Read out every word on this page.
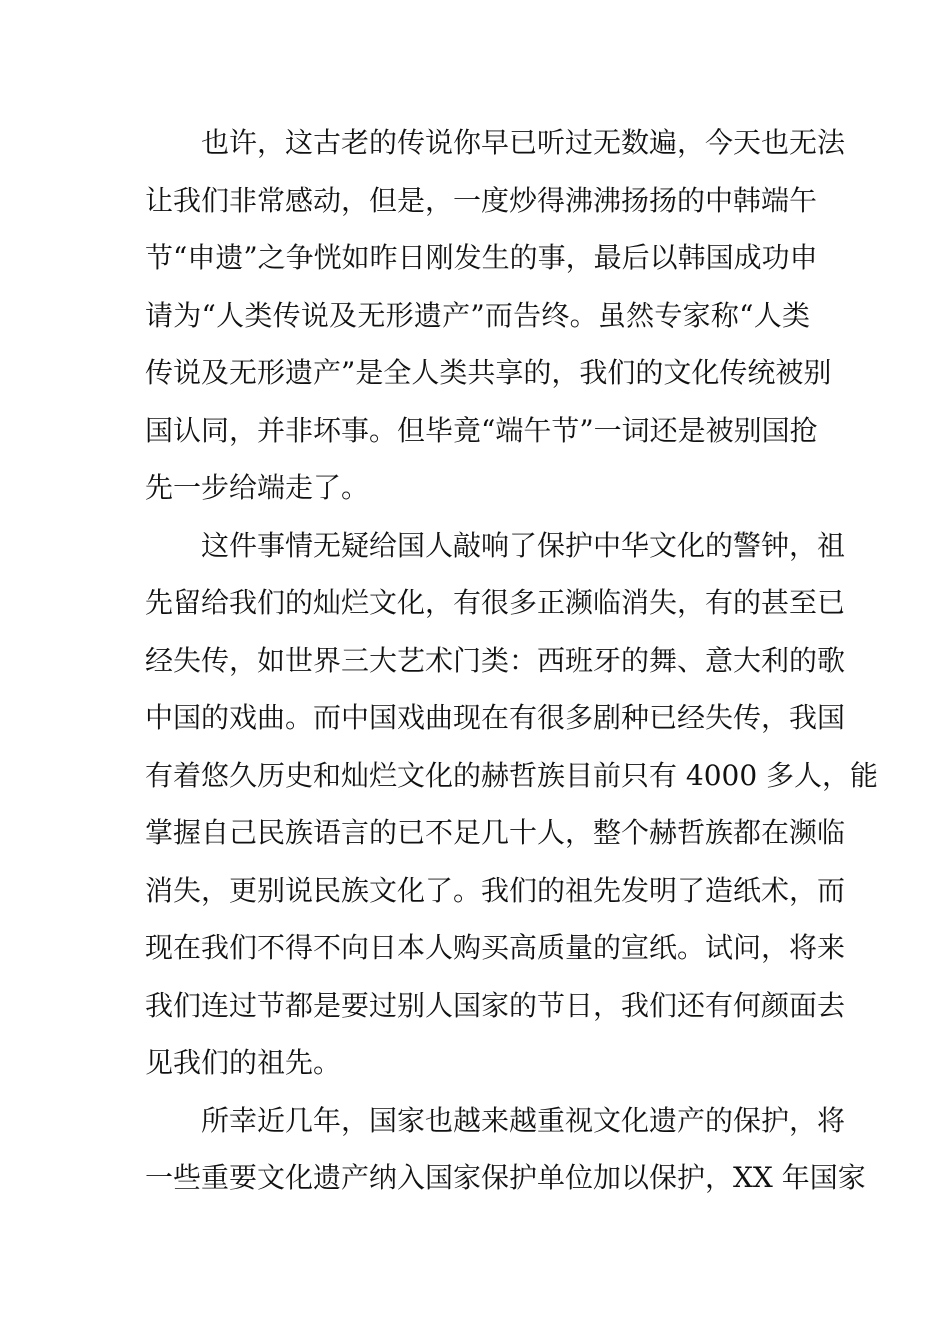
也许，这古老的传说你早已听过无数遍，今天也无法
让我们非常感动，但是，一度炒得沸沸扬扬的中韩端午
节“申遗”之争恍如昨日刚发生的事，最后以韩国成功申
请为“人类传说及无形遗产”而告终。虽然专家称“人类
传说及无形遗产”是全人类共享的，我们的文化传统被别
国认同，并非坏事。但毕竟“端午节”一词还是被别国抢
先一步给端走了。
这件事情无疑给国人敲响了保护中华文化的警钟，祖
先留给我们的灿烂文化，有很多正濒临消失，有的甚至已
经失传，如世界三大艺术门类：西班牙的舞、意大利的歌
中国的戏曲。而中国戏曲现在有很多剧种已经失传，我国
有着悠久历史和灿烂文化的赫哲族目前只有 4000 多人，能
掌握自己民族语言的已不足几十人，整个赫哲族都在濒临
消失，更别说民族文化了。我们的祖先发明了造纸术，而
现在我们不得不向日本人购买高质量的宣纸。试问，将来
我们连过节都是要过别人国家的节日，我们还有何颜面去
见我们的祖先。
所幸近几年，国家也越来越重视文化遗产的保护，将
一些重要文化遗产纳入国家保护单位加以保护，XX 年国家
